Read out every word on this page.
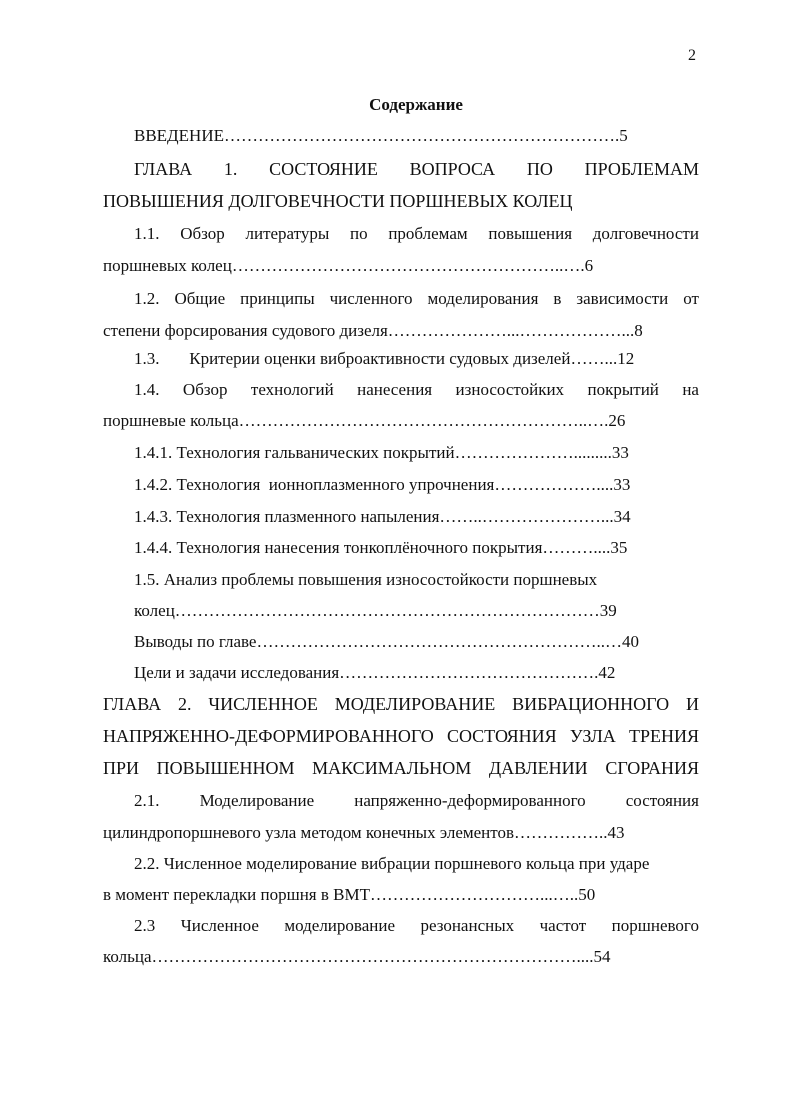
2
Содержание
ВВЕДЕНИЕ…………………………………………………………….5
ГЛАВА 1. СОСТОЯНИЕ ВОПРОСА ПО ПРОБЛЕМАМ
ПОВЫШЕНИЯ ДОЛГОВЕЧНОСТИ ПОРШНЕВЫХ КОЛЕЦ
1.1. Обзор литературы по проблемам повышения долговечности
поршневых колец…………………………………………………..….6
1.2. Общие принципы численного моделирования в зависимости от
степени форсирования судового дизеля…………………...………………...8
1.3.       Критерии оценки виброактивности судовых дизелей……...12
1.4. Обзор технологий нанесения износостойких покрытий на
поршневые кольца……………………………………………………..….26
1.4.1. Технология гальванических покрытий………………….........33
1.4.2. Технология  ионноплазменного упрочнения………………....33
1.4.3. Технология плазменного напыления……..…………………...34
1.4.4. Технология нанесения тонкоплёночного покрытия………....35
1.5. Анализ проблемы повышения износостойкости поршневых
колец…………………………………………………………………39
Выводы по главе……………………………………………………..…40
Цели и задачи исследования……………………………………….42
ГЛАВА 2. ЧИСЛЕННОЕ МОДЕЛИРОВАНИЕ ВИБРАЦИОННОГО И
НАПРЯЖЕННО-ДЕФОРМИРОВАННОГО СОСТОЯНИЯ УЗЛА ТРЕНИЯ
ПРИ ПОВЫШЕННОМ МАКСИМАЛЬНОМ ДАВЛЕНИИ СГОРАНИЯ
2.1. Моделирование напряженно-деформированного состояния
цилиндропоршневого узла методом конечных элементов……………..43
2.2. Численное моделирование вибрации поршневого кольца при ударе
в момент перекладки поршня в ВМТ…………………………...…..50
2.3 Численное моделирование резонансных частот поршневого
кольца…………………………………………………………………....54
